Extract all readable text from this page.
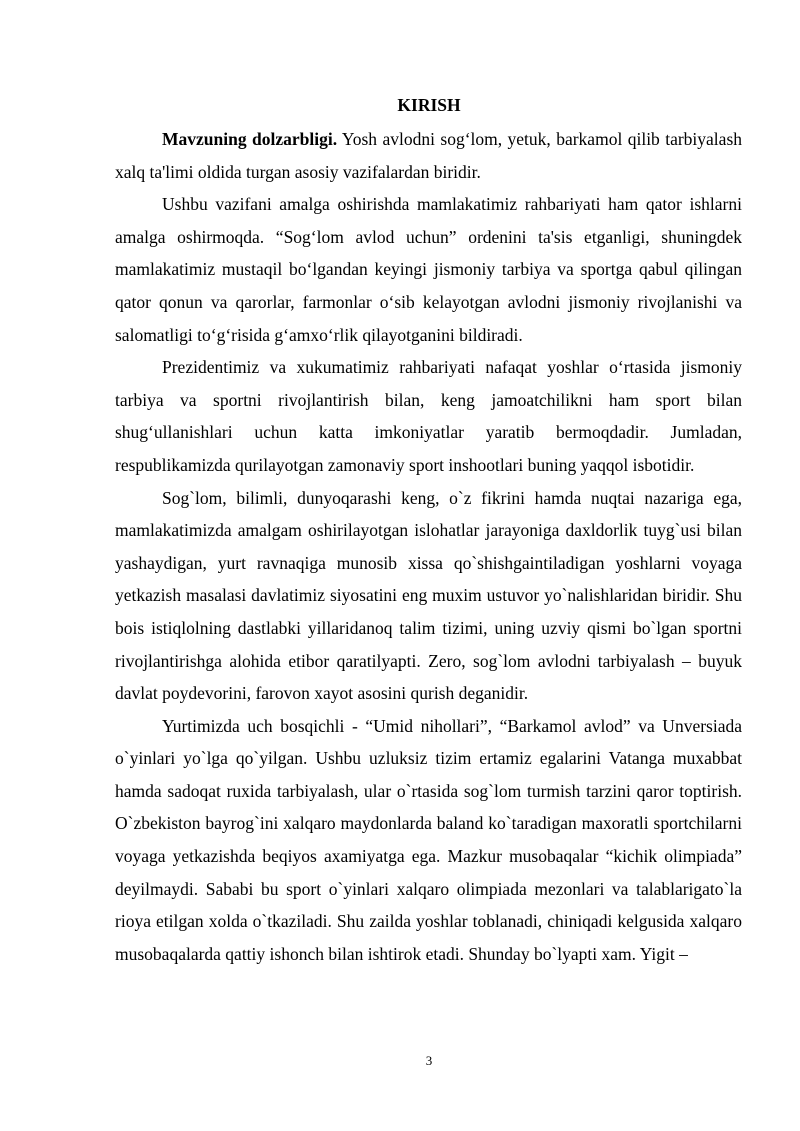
KIRISH

Mavzuning dolzarbligi. Yosh avlodni sog‘lom, yetuk, barkamol qilib tarbiyalash xalq ta'limi oldida turgan asosiy vazifalardan biridir.

Ushbu vazifani amalga oshirishda mamlakatimiz rahbariyati ham qator ishlarni amalga oshirmoqda. “Sog‘lom avlod uchun” ordenini ta'sis etganligi, shuningdek mamlakatimiz mustaqil bo‘lgandan keyingi jismoniy tarbiya va sportga qabul qilingan qator qonun va qarorlar, farmonlar o‘sib kelayotgan avlodni jismoniy rivojlanishi va salomatligi to‘g‘risida g‘amxo‘rlik qilayotganini bildiradi.

Prezidentimiz va xukumatimiz rahbariyati nafaqat yoshlar o‘rtasida jismoniy tarbiya va sportni rivojlantirish bilan, keng jamoatchilikni ham sport bilan shug‘ullanishlari uchun katta imkoniyatlar yaratib bermoqdadir. Jumladan, respublikamizda qurilayotgan zamonaviy sport inshootlari buning yaqqol isbotidir.

Sog`lom, bilimli, dunyoqarashi keng, o`z fikrini hamda nuqtai nazariga ega, mamlakatimizda amalgam oshirilayotgan islohatlar jarayoniga daxldorlik tuyg`usi bilan yashaydigan, yurt ravnaqiga munosib xissa qo`shishgaintiladigan yoshlarni voyaga yetkazish masalasi davlatimiz siyosatini eng muxim ustuvor yo`nalishlaridan biridir. Shu bois istiqlolning dastlabki yillaridanoq talim tizimi, uning uzviy qismi bo`lgan sportni rivojlantirishga alohida etibor qaratilyapti. Zero, sog`lom avlodni tarbiyalash – buyuk davlat poydevorini, farovon xayot asosini qurish deganidir.

Yurtimizda uch bosqichli - “Umid nihollari”, “Barkamol avlod” va Unversiada o`yinlari yo`lga qo`yilgan. Ushbu uzluksiz tizim ertamiz egalarini Vatanga muxabbat hamda sadoqat ruxida tarbiyalash, ular o`rtasida sog`lom turmish tarzini qaror toptirish. O`zbekiston bayrog`ini xalqaro maydonlarda baland ko`taradigan maxoratli sportchilarni voyaga yetkazishda beqiyos axamiyatga ega. Mazkur musobaqalar “kichik olimpiada” deyilmaydi. Sababi bu sport o`yinlari xalqaro olimpiada mezonlari va talablarigato`la rioya etilgan xolda o`tkaziladi. Shu zailda yoshlar toblanadi, chiniqadi kelgusida xalqaro musobaqalarda qattiy ishonch bilan ishtirok etadi. Shunday bo`lyapti xam. Yigit –

3
